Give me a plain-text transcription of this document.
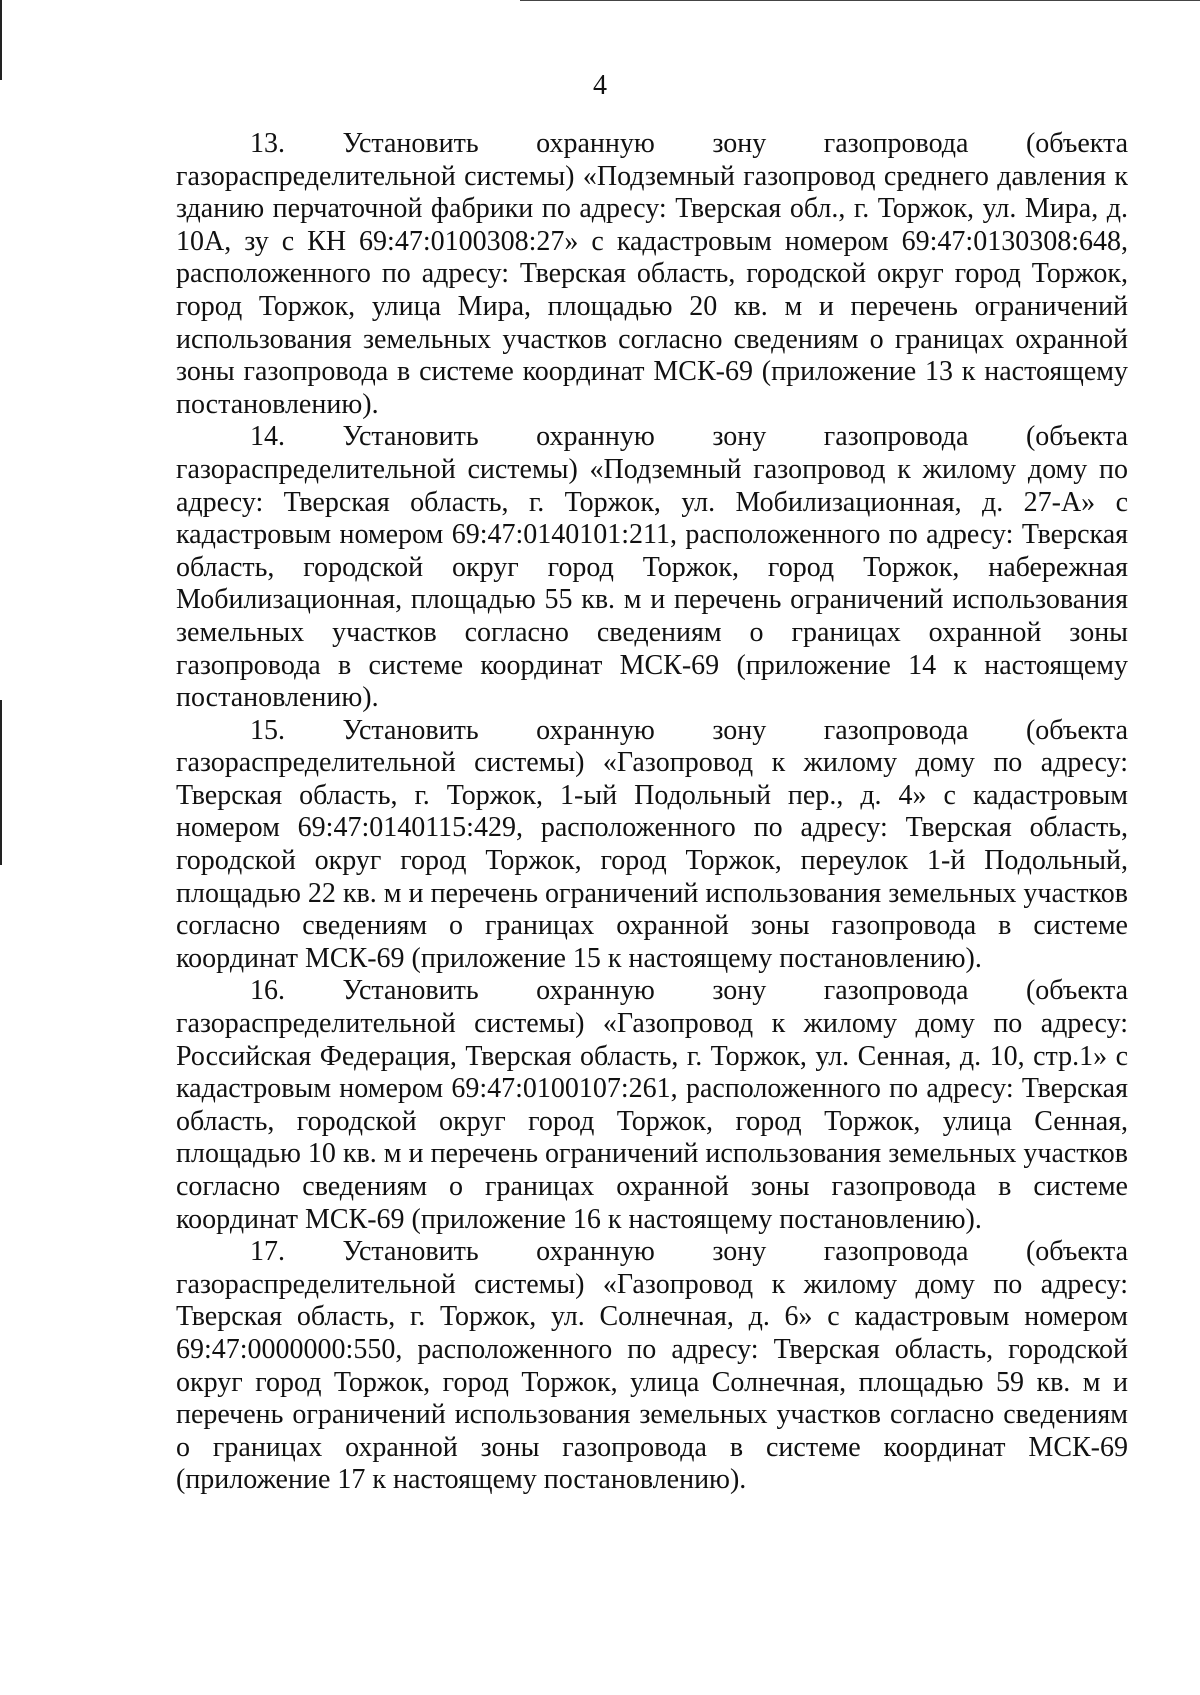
4

13. Установить охранную зону газопровода (объекта газораспределительной системы) «Подземный газопровод среднего давления к зданию перчаточной фабрики по адресу: Тверская обл., г. Торжок, ул. Мира, д. 10А, зу с КН 69:47:0100308:27» с кадастровым номером 69:47:0130308:648, расположенного по адресу: Тверская область, городской округ город Торжок, город Торжок, улица Мира, площадью 20 кв. м и перечень ограничений использования земельных участков согласно сведениям о границах охранной зоны газопровода в системе координат МСК-69 (приложение 13 к настоящему постановлению).

14. Установить охранную зону газопровода (объекта газораспределительной системы) «Подземный газопровод к жилому дому по адресу: Тверская область, г. Торжок, ул. Мобилизационная, д. 27-А» с кадастровым номером 69:47:0140101:211, расположенного по адресу: Тверская область, городской округ город Торжок, город Торжок, набережная Мобилизационная, площадью 55 кв. м и перечень ограничений использования земельных участков согласно сведениям о границах охранной зоны газопровода в системе координат МСК-69 (приложение 14 к настоящему постановлению).

15. Установить охранную зону газопровода (объекта газораспределительной системы) «Газопровод к жилому дому по адресу: Тверская область, г. Торжок, 1-ый Подольный пер., д. 4» с кадастровым номером 69:47:0140115:429, расположенного по адресу: Тверская область, городской округ город Торжок, город Торжок, переулок 1-й Подольный, площадью 22 кв. м и перечень ограничений использования земельных участков согласно сведениям о границах охранной зоны газопровода в системе координат МСК-69 (приложение 15 к настоящему постановлению).

16. Установить охранную зону газопровода (объекта газораспределительной системы) «Газопровод к жилому дому по адресу: Российская Федерация, Тверская область, г. Торжок, ул. Сенная, д. 10, стр.1» с кадастровым номером 69:47:0100107:261, расположенного по адресу: Тверская область, городской округ город Торжок, город Торжок, улица Сенная, площадью 10 кв. м и перечень ограничений использования земельных участков согласно сведениям о границах охранной зоны газопровода в системе координат МСК-69 (приложение 16 к настоящему постановлению).

17. Установить охранную зону газопровода (объекта газораспределительной системы) «Газопровод к жилому дому по адресу: Тверская область, г. Торжок, ул. Солнечная, д. 6» с кадастровым номером 69:47:0000000:550, расположенного по адресу: Тверская область, городской округ город Торжок, город Торжок, улица Солнечная, площадью 59 кв. м и перечень ограничений использования земельных участков согласно сведениям о границах охранной зоны газопровода в системе координат МСК-69 (приложение 17 к настоящему постановлению).
